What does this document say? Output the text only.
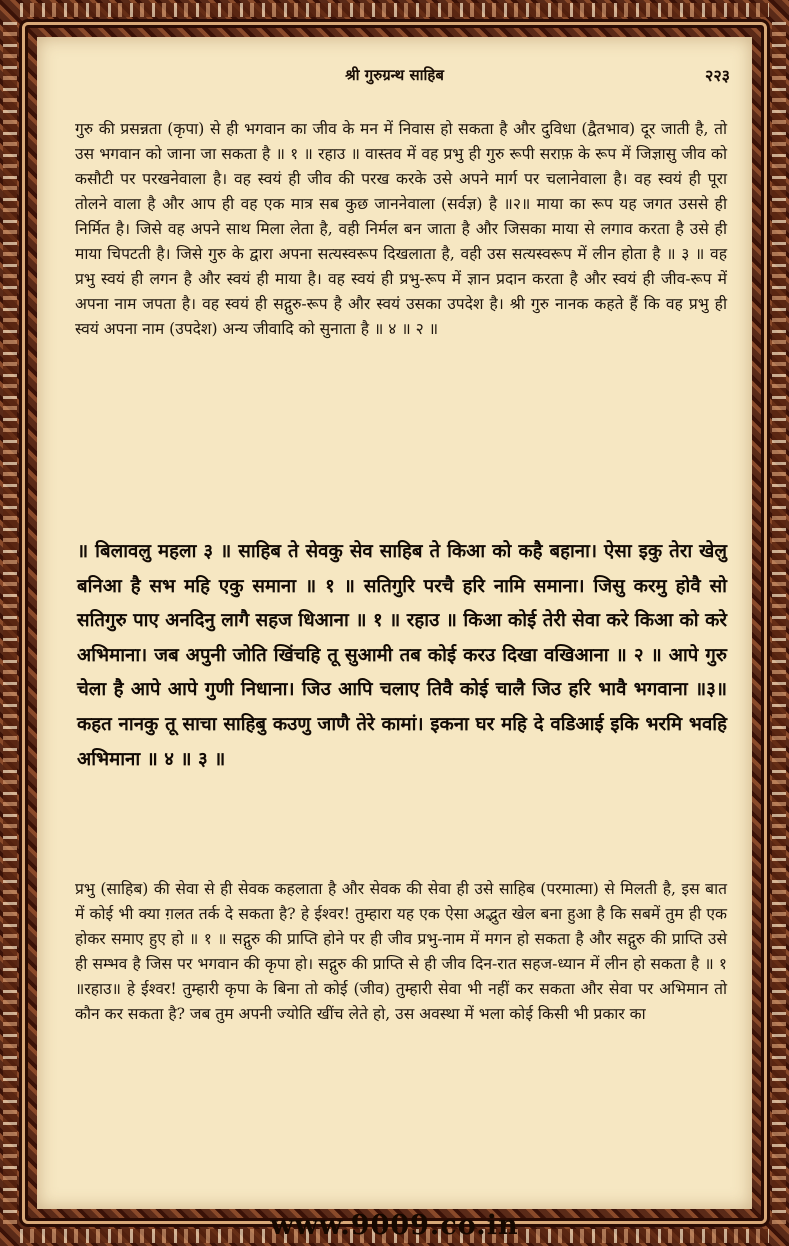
श्री गुरुग्रन्थ साहिब	२२३
गुरु की प्रसन्नता (कृपा) से ही भगवान का जीव के मन में निवास हो सकता है और दुविधा (द्वैतभाव) दूर जाती है, तो उस भगवान को जाना जा सकता है ॥ १ ॥ रहाउ ॥ वास्तव में वह प्रभु ही गुरु रूपी सराफ़ के रूप में जिज्ञासु जीव को कसौटी पर परखनेवाला है। वह स्वयं ही जीव की परख करके उसे अपने मार्ग पर चलानेवाला है। वह स्वयं ही पूरा तोलने वाला है और आप ही वह एक मात्र सब कुछ जाननेवाला (सर्वज्ञ) है ॥२॥ माया का रूप यह जगत उससे ही निर्मित है। जिसे वह अपने साथ मिला लेता है, वही निर्मल बन जाता है और जिसका माया से लगाव करता है उसे ही माया चिपटती है। जिसे गुरु के द्वारा अपना सत्यस्वरूप दिखलाता है, वही उस सत्यस्वरूप में लीन होता है ॥ ३ ॥ वह प्रभु स्वयं ही लगन है और स्वयं ही माया है। वह स्वयं ही प्रभु-रूप में ज्ञान प्रदान करता है और स्वयं ही जीव-रूप में अपना नाम जपता है। वह स्वयं ही सद्गुरु-रूप है और स्वयं उसका उपदेश है। श्री गुरु नानक कहते हैं कि वह प्रभु ही स्वयं अपना नाम (उपदेश) अन्य जीवादि को सुनाता है ॥ ४ ॥ २ ॥
॥ बिलावलु महला ३ ॥ साहिब ते सेवकु सेव साहिब ते किआ को कहै बहाना। ऐसा इकु तेरा खेलु बनिआ है सभ महि एकु समाना ॥ १ ॥ सतिगुरि परचै हरि नामि समाना। जिसु करमु होवै सो सतिगुरु पाए अनदिनु लागै सहज धिआना ॥ १ ॥ रहाउ ॥ किआ कोई तेरी सेवा करे किआ को करे अभिमाना। जब अपुनी जोति खिंचहि तू सुआमी तब कोई करउ दिखा वखिआना ॥ २ ॥ आपे गुरु चेला है आपे आपे गुणी निधाना। जिउ आपि चलाए तिवै कोई चालै जिउ हरि भावै भगवाना ॥३॥ कहत नानकु तू साचा साहिबु कउणु जाणै तेरे कामां। इकना घर महि दे वडिआई इकि भरमि भवहि अभिमाना ॥ ४ ॥ ३ ॥
प्रभु (साहिब) की सेवा से ही सेवक कहलाता है और सेवक की सेवा ही उसे साहिब (परमात्मा) से मिलती है, इस बात में कोई भी क्या ग़लत तर्क दे सकता है? हे ईश्वर! तुम्हारा यह एक ऐसा अद्भुत खेल बना हुआ है कि सबमें तुम ही एक होकर समाए हुए हो ॥ १ ॥ सद्गुरु की प्राप्ति होने पर ही जीव प्रभु-नाम में मगन हो सकता है और सद्गुरु की प्राप्ति उसे ही सम्भव है जिस पर भगवान की कृपा हो। सद्गुरु की प्राप्ति से ही जीव दिन-रात सहज-ध्यान में लीन हो सकता है ॥ १ ॥रहाउ॥ हे ईश्वर! तुम्हारी कृपा के बिना तो कोई (जीव) तुम्हारी सेवा भी नहीं कर सकता और सेवा पर अभिमान तो कौन कर सकता है? जब तुम अपनी ज्योति खींच लेते हो, उस अवस्था में भला कोई किसी भी प्रकार का
www.9009.co.in
